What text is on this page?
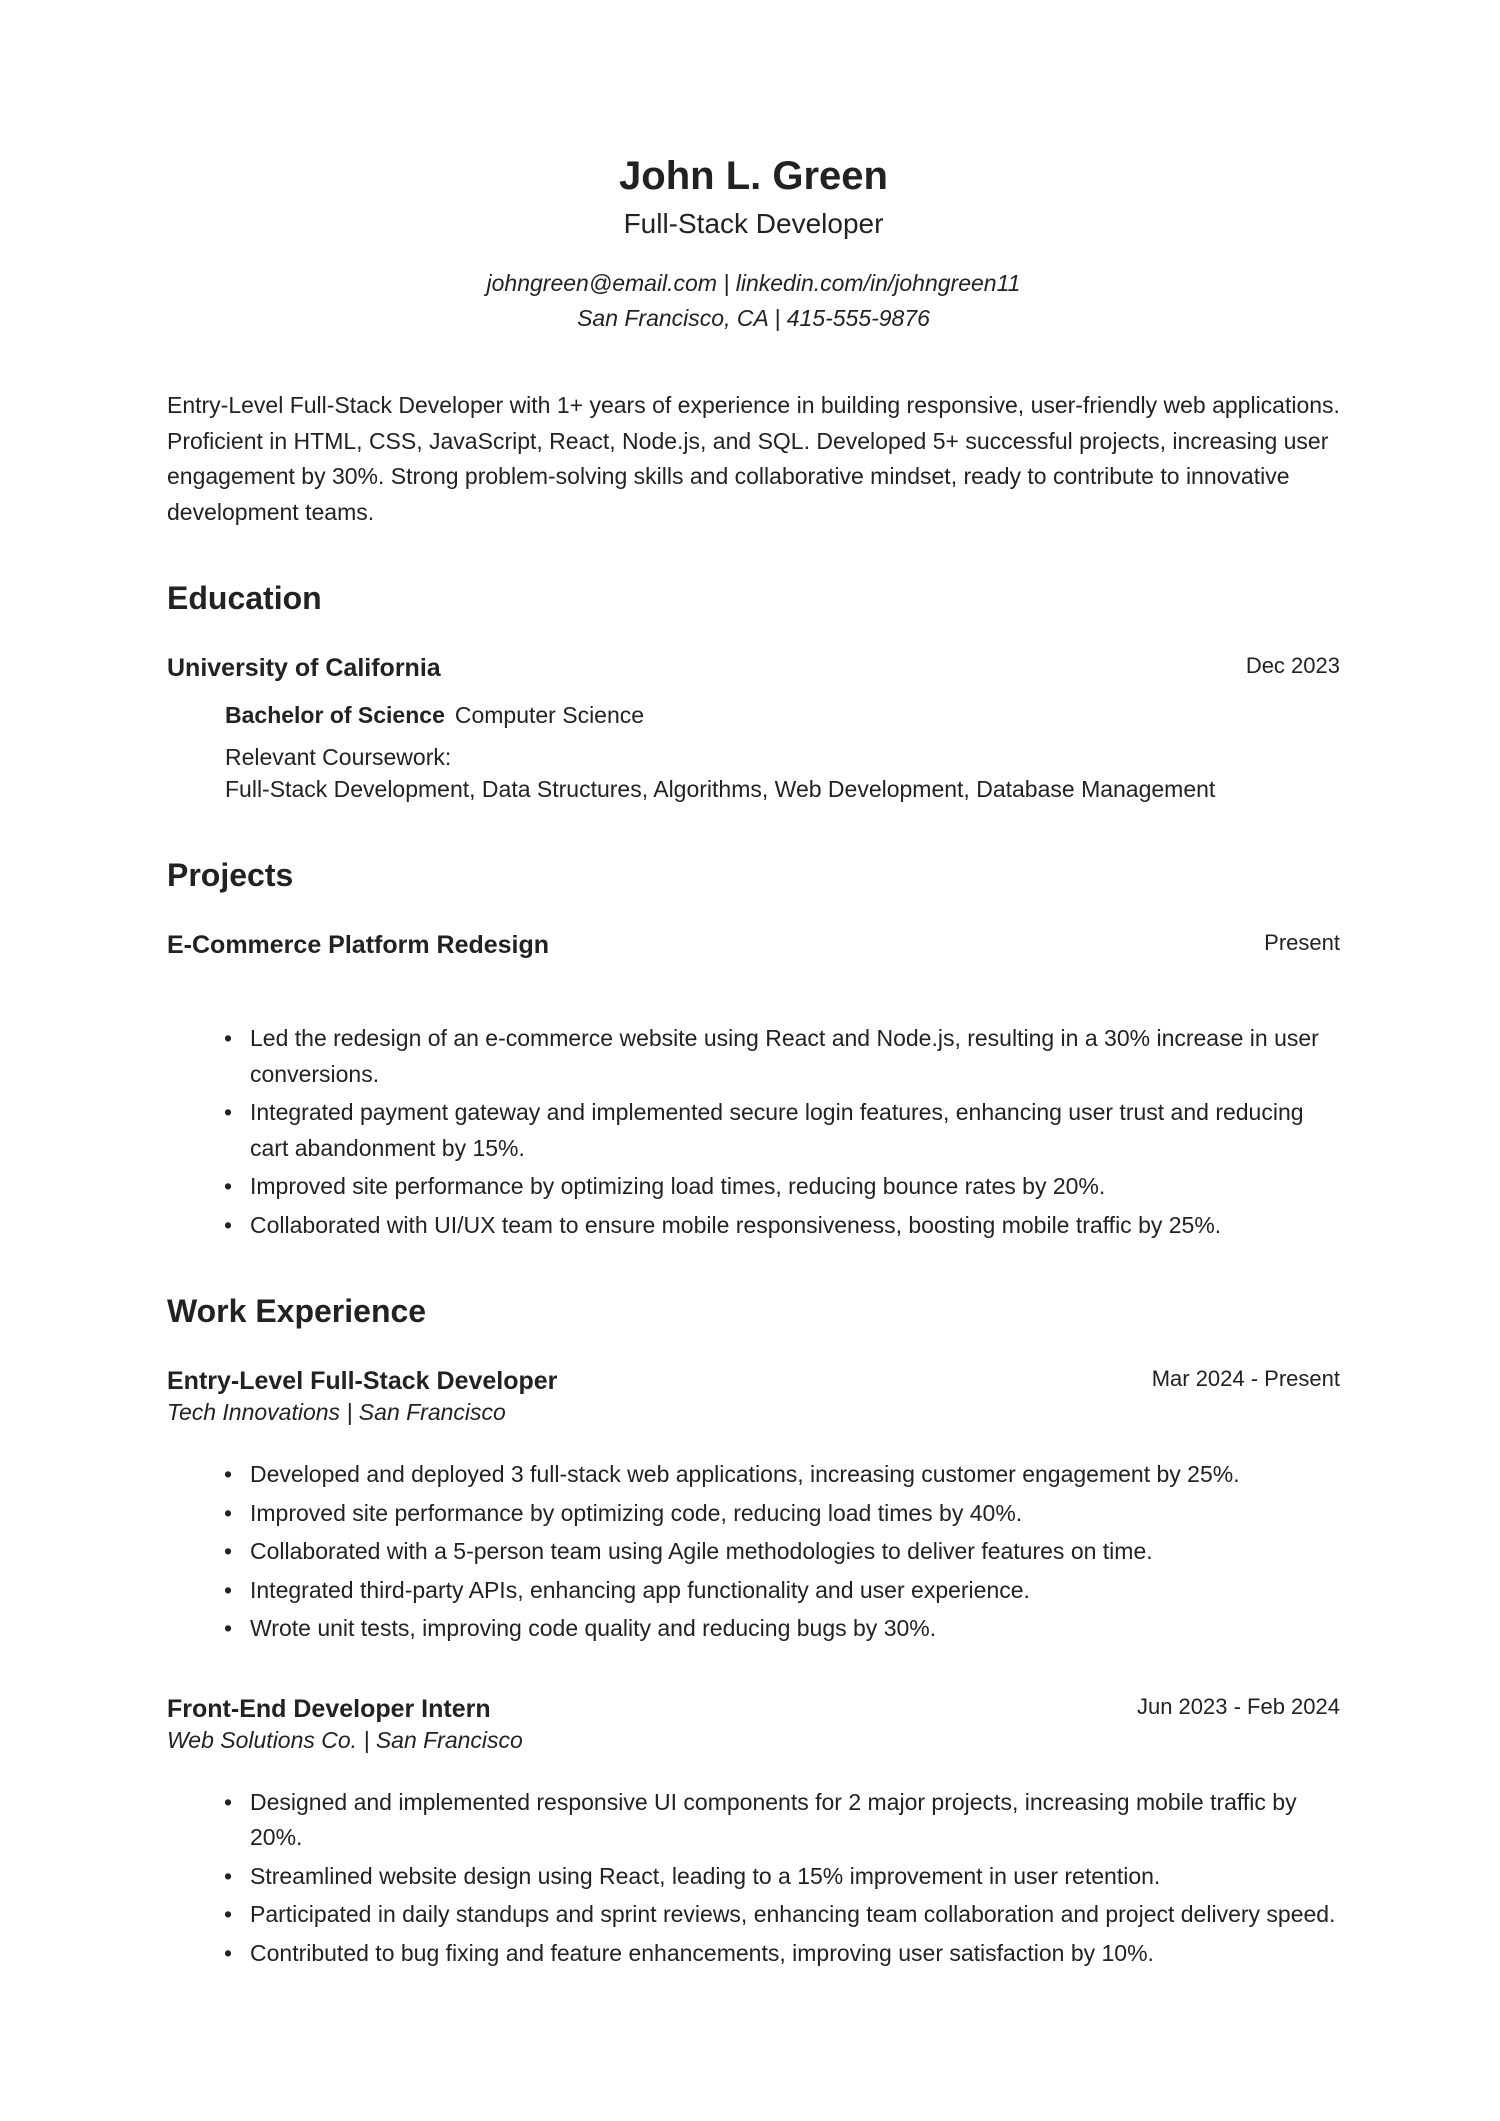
John L. Green
Full-Stack Developer
johngreen@email.com | linkedin.com/in/johngreen11
San Francisco, CA | 415-555-9876

Entry-Level Full-Stack Developer with 1+ years of experience in building responsive, user-friendly web applications. Proficient in HTML, CSS, JavaScript, React, Node.js, and SQL. Developed 5+ successful projects, increasing user engagement by 30%. Strong problem-solving skills and collaborative mindset, ready to contribute to innovative development teams.

Education
University of California	Dec 2023
Bachelor of Science Computer Science
Relevant Coursework:
Full-Stack Development, Data Structures, Algorithms, Web Development, Database Management
Projects
E-Commerce Platform Redesign	Present
• Led the redesign of an e-commerce website using React and Node.js, resulting in a 30% increase in user conversions.
• Integrated payment gateway and implemented secure login features, enhancing user trust and reducing cart abandonment by 15%.
• Improved site performance by optimizing load times, reducing bounce rates by 20%.
• Collaborated with UI/UX team to ensure mobile responsiveness, boosting mobile traffic by 25%.
Work Experience
Entry-Level Full-Stack Developer	Mar 2024 - Present
Tech Innovations | San Francisco
• Developed and deployed 3 full-stack web applications, increasing customer engagement by 25%.
• Improved site performance by optimizing code, reducing load times by 40%.
• Collaborated with a 5-person team using Agile methodologies to deliver features on time.
• Integrated third-party APIs, enhancing app functionality and user experience.
• Wrote unit tests, improving code quality and reducing bugs by 30%.
Front-End Developer Intern	Jun 2023 - Feb 2024
Web Solutions Co. | San Francisco
• Designed and implemented responsive UI components for 2 major projects, increasing mobile traffic by 20%.
• Streamlined website design using React, leading to a 15% improvement in user retention.
• Participated in daily standups and sprint reviews, enhancing team collaboration and project delivery speed.
• Contributed to bug fixing and feature enhancements, improving user satisfaction by 10%.
